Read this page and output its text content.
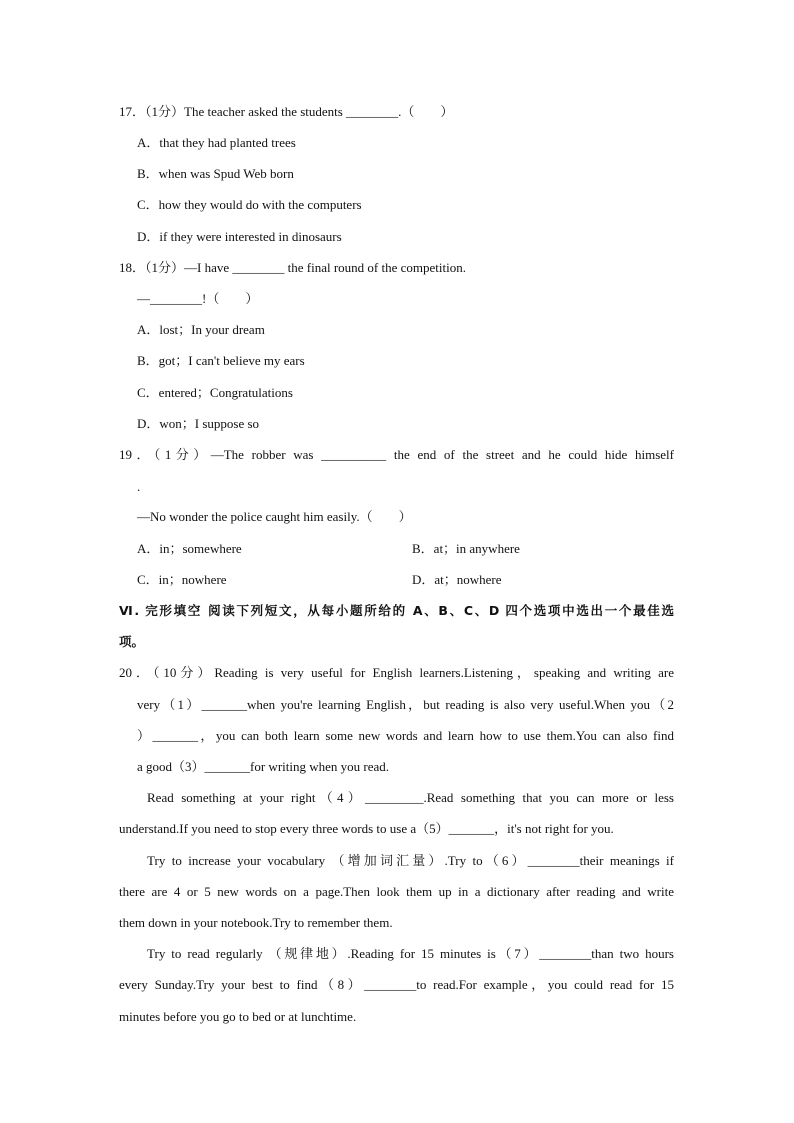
17．（1分）The teacher asked the students ________.（　　）
A．that they had planted trees
B．when was Spud Web born
C．how they would do with the computers
D．if they were interested in dinosaurs
18．（1分）—I have ________ the final round of the competition.
—________!（　　）
A．lost；In your dream
B．got；I can't believe my ears
C．entered；Congratulations
D．won；I suppose so
19．（1分）—The robber was __________ the end of the street and he could hide himself
.
—No wonder the police caught him easily.（　　）
A．in；somewhere	B．at；in anywhere
C．in；nowhere	D．at；nowhere
Ⅵ. 完形填空 阅读下列短文，从每小题所给的 A、B、C、D 四个选项中选出一个最佳选
项。
20．（10分）Reading is very useful for English learners.Listening，speaking and writing are
very（1）_______when you're learning English，but reading is also very useful.When you（2
）_______，you can both learn some new words and learn how to use them.You can also find
a good（3）_______for writing when you read.
Read something at your right（4）_________.Read something that you can more or less
understand.If you need to stop every three words to use a（5）_______，it's not right for you.
Try to increase your vocabulary （增加词汇量）.Try to（6）________their meanings if
there are 4 or 5 new words on a page.Then look them up in a dictionary after reading and write
them down in your notebook.Try to remember them.
Try to read regularly （规律地）.Reading for 15 minutes is（7）________than two hours
every Sunday.Try your best to find（8）________to read.For example，you could read for 15
minutes before you go to bed or at lunchtime.
